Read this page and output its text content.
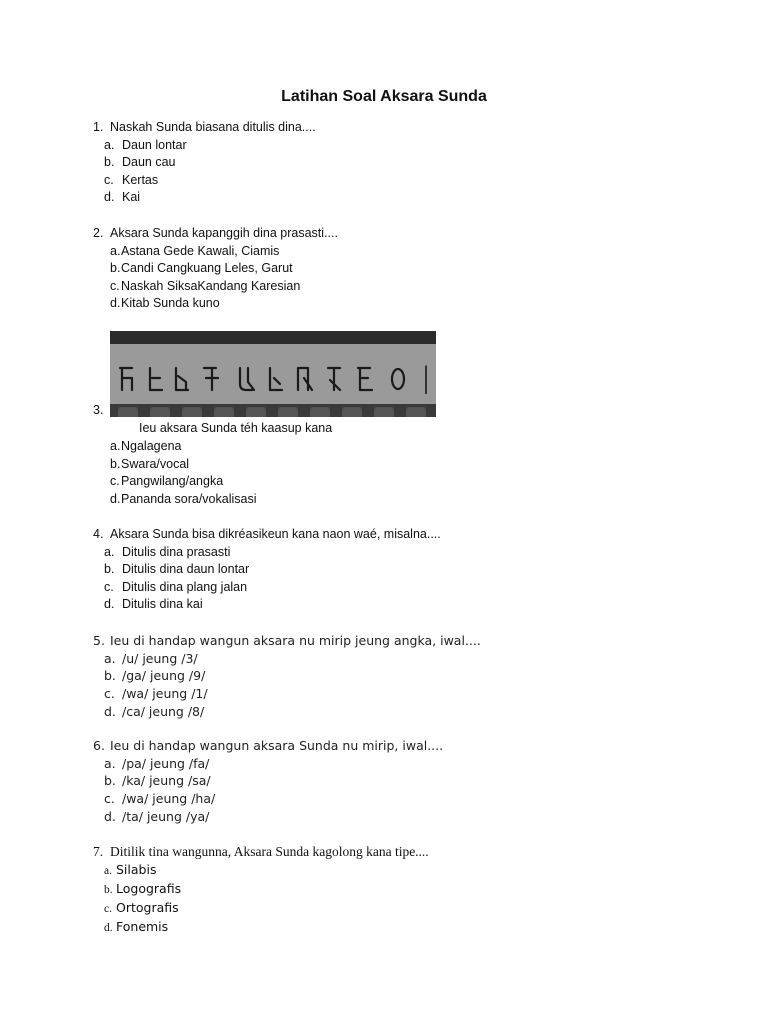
Latihan Soal Aksara Sunda
1. Naskah Sunda biasana ditulis dina....
a. Daun lontar
b. Daun cau
c. Kertas
d. Kai
2. Aksara Sunda kapanggih dina prasasti....
a.Astana Gede Kawali, Ciamis
b.Candi Cangkuang Leles, Garut
c.Naskah SiksaKandang Karesian
d.Kitab Sunda kuno
3.
Ieu aksara Sunda téh kaasup kana
a.Ngalagena
b.Swara/vocal
c.Pangwilang/angka
d.Pananda sora/vokalisasi
4. Aksara Sunda bisa dikréasikeun kana naon waé, misalna....
a. Ditulis dina prasasti
b. Ditulis dina daun lontar
c. Ditulis dina plang jalan
d. Ditulis dina kai
5. Ieu di handap wangun aksara nu mirip jeung angka, iwal....
a. /u/ jeung /3/
b. /ga/ jeung /9/
c. /wa/ jeung /1/
d. /ca/ jeung /8/
6. Ieu di handap wangun aksara Sunda nu mirip, iwal....
a. /pa/ jeung /fa/
b. /ka/ jeung /sa/
c. /wa/ jeung /ha/
d. /ta/ jeung /ya/
7. Ditilik tina wangunna, Aksara Sunda kagolong kana tipe....
a. Silabis
b. Logografis
c. Ortografis
d. Fonemis
